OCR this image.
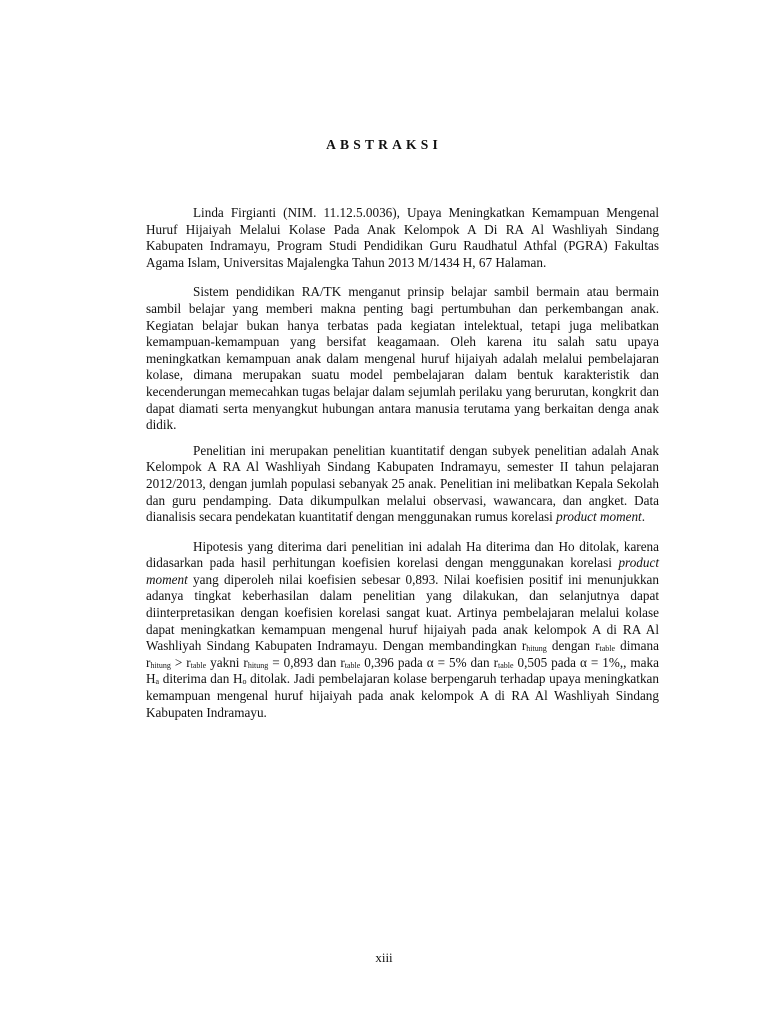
ABSTRAKSI

Linda Firgianti (NIM. 11.12.5.0036), Upaya Meningkatkan Kemampuan Mengenal Huruf Hijaiyah Melalui Kolase Pada Anak Kelompok A Di RA Al Washliyah Sindang Kabupaten Indramayu, Program Studi Pendidikan Guru Raudhatul Athfal (PGRA) Fakultas Agama Islam, Universitas Majalengka Tahun 2013 M/1434 H, 67 Halaman.

Sistem pendidikan RA/TK menganut prinsip belajar sambil bermain atau bermain sambil belajar yang memberi makna penting bagi pertumbuhan dan perkembangan anak. Kegiatan belajar bukan hanya terbatas pada kegiatan intelektual, tetapi juga melibatkan kemampuan-kemampuan yang bersifat keagamaan. Oleh karena itu salah satu upaya meningkatkan kemampuan anak dalam mengenal huruf hijaiyah adalah melalui pembelajaran kolase, dimana merupakan suatu model pembelajaran dalam bentuk karakteristik dan kecenderungan memecahkan tugas belajar dalam sejumlah perilaku yang berurutan, kongkrit dan dapat diamati serta menyangkut hubungan antara manusia terutama yang berkaitan denga anak didik.

Penelitian ini merupakan penelitian kuantitatif dengan subyek penelitian adalah Anak Kelompok A RA Al Washliyah Sindang Kabupaten Indramayu, semester II tahun pelajaran 2012/2013, dengan jumlah populasi sebanyak 25 anak. Penelitian ini melibatkan Kepala Sekolah dan guru pendamping. Data dikumpulkan melalui observasi, wawancara, dan angket. Data dianalisis secara pendekatan kuantitatif dengan menggunakan rumus korelasi product moment.

Hipotesis yang diterima dari penelitian ini adalah Ha diterima dan Ho ditolak, karena didasarkan pada hasil perhitungan koefisien korelasi dengan menggunakan korelasi product moment yang diperoleh nilai koefisien sebesar 0,893. Nilai koefisien positif ini menunjukkan adanya tingkat keberhasilan dalam penelitian yang dilakukan, dan selanjutnya dapat diinterpretasikan dengan koefisien korelasi sangat kuat. Artinya pembelajaran melalui kolase dapat meningkatkan kemampuan mengenal huruf hijaiyah pada anak kelompok A di RA Al Washliyah Sindang Kabupaten Indramayu. Dengan membandingkan $r_{hitung}$ dengan $r_{table}$ dimana $r_{hitung} > r_{table}$ yakni $r_{hitung} = 0,893$ dan $r_{table}$ 0,396 pada α = 5% dan $r_{table}$ 0,505 pada α = 1%,, maka $H_a$ diterima dan $H_o$ ditolak. Jadi pembelajaran kolase berpengaruh terhadap upaya meningkatkan kemampuan mengenal huruf hijaiyah pada anak kelompok A di RA Al Washliyah Sindang Kabupaten Indramayu.

xiii
